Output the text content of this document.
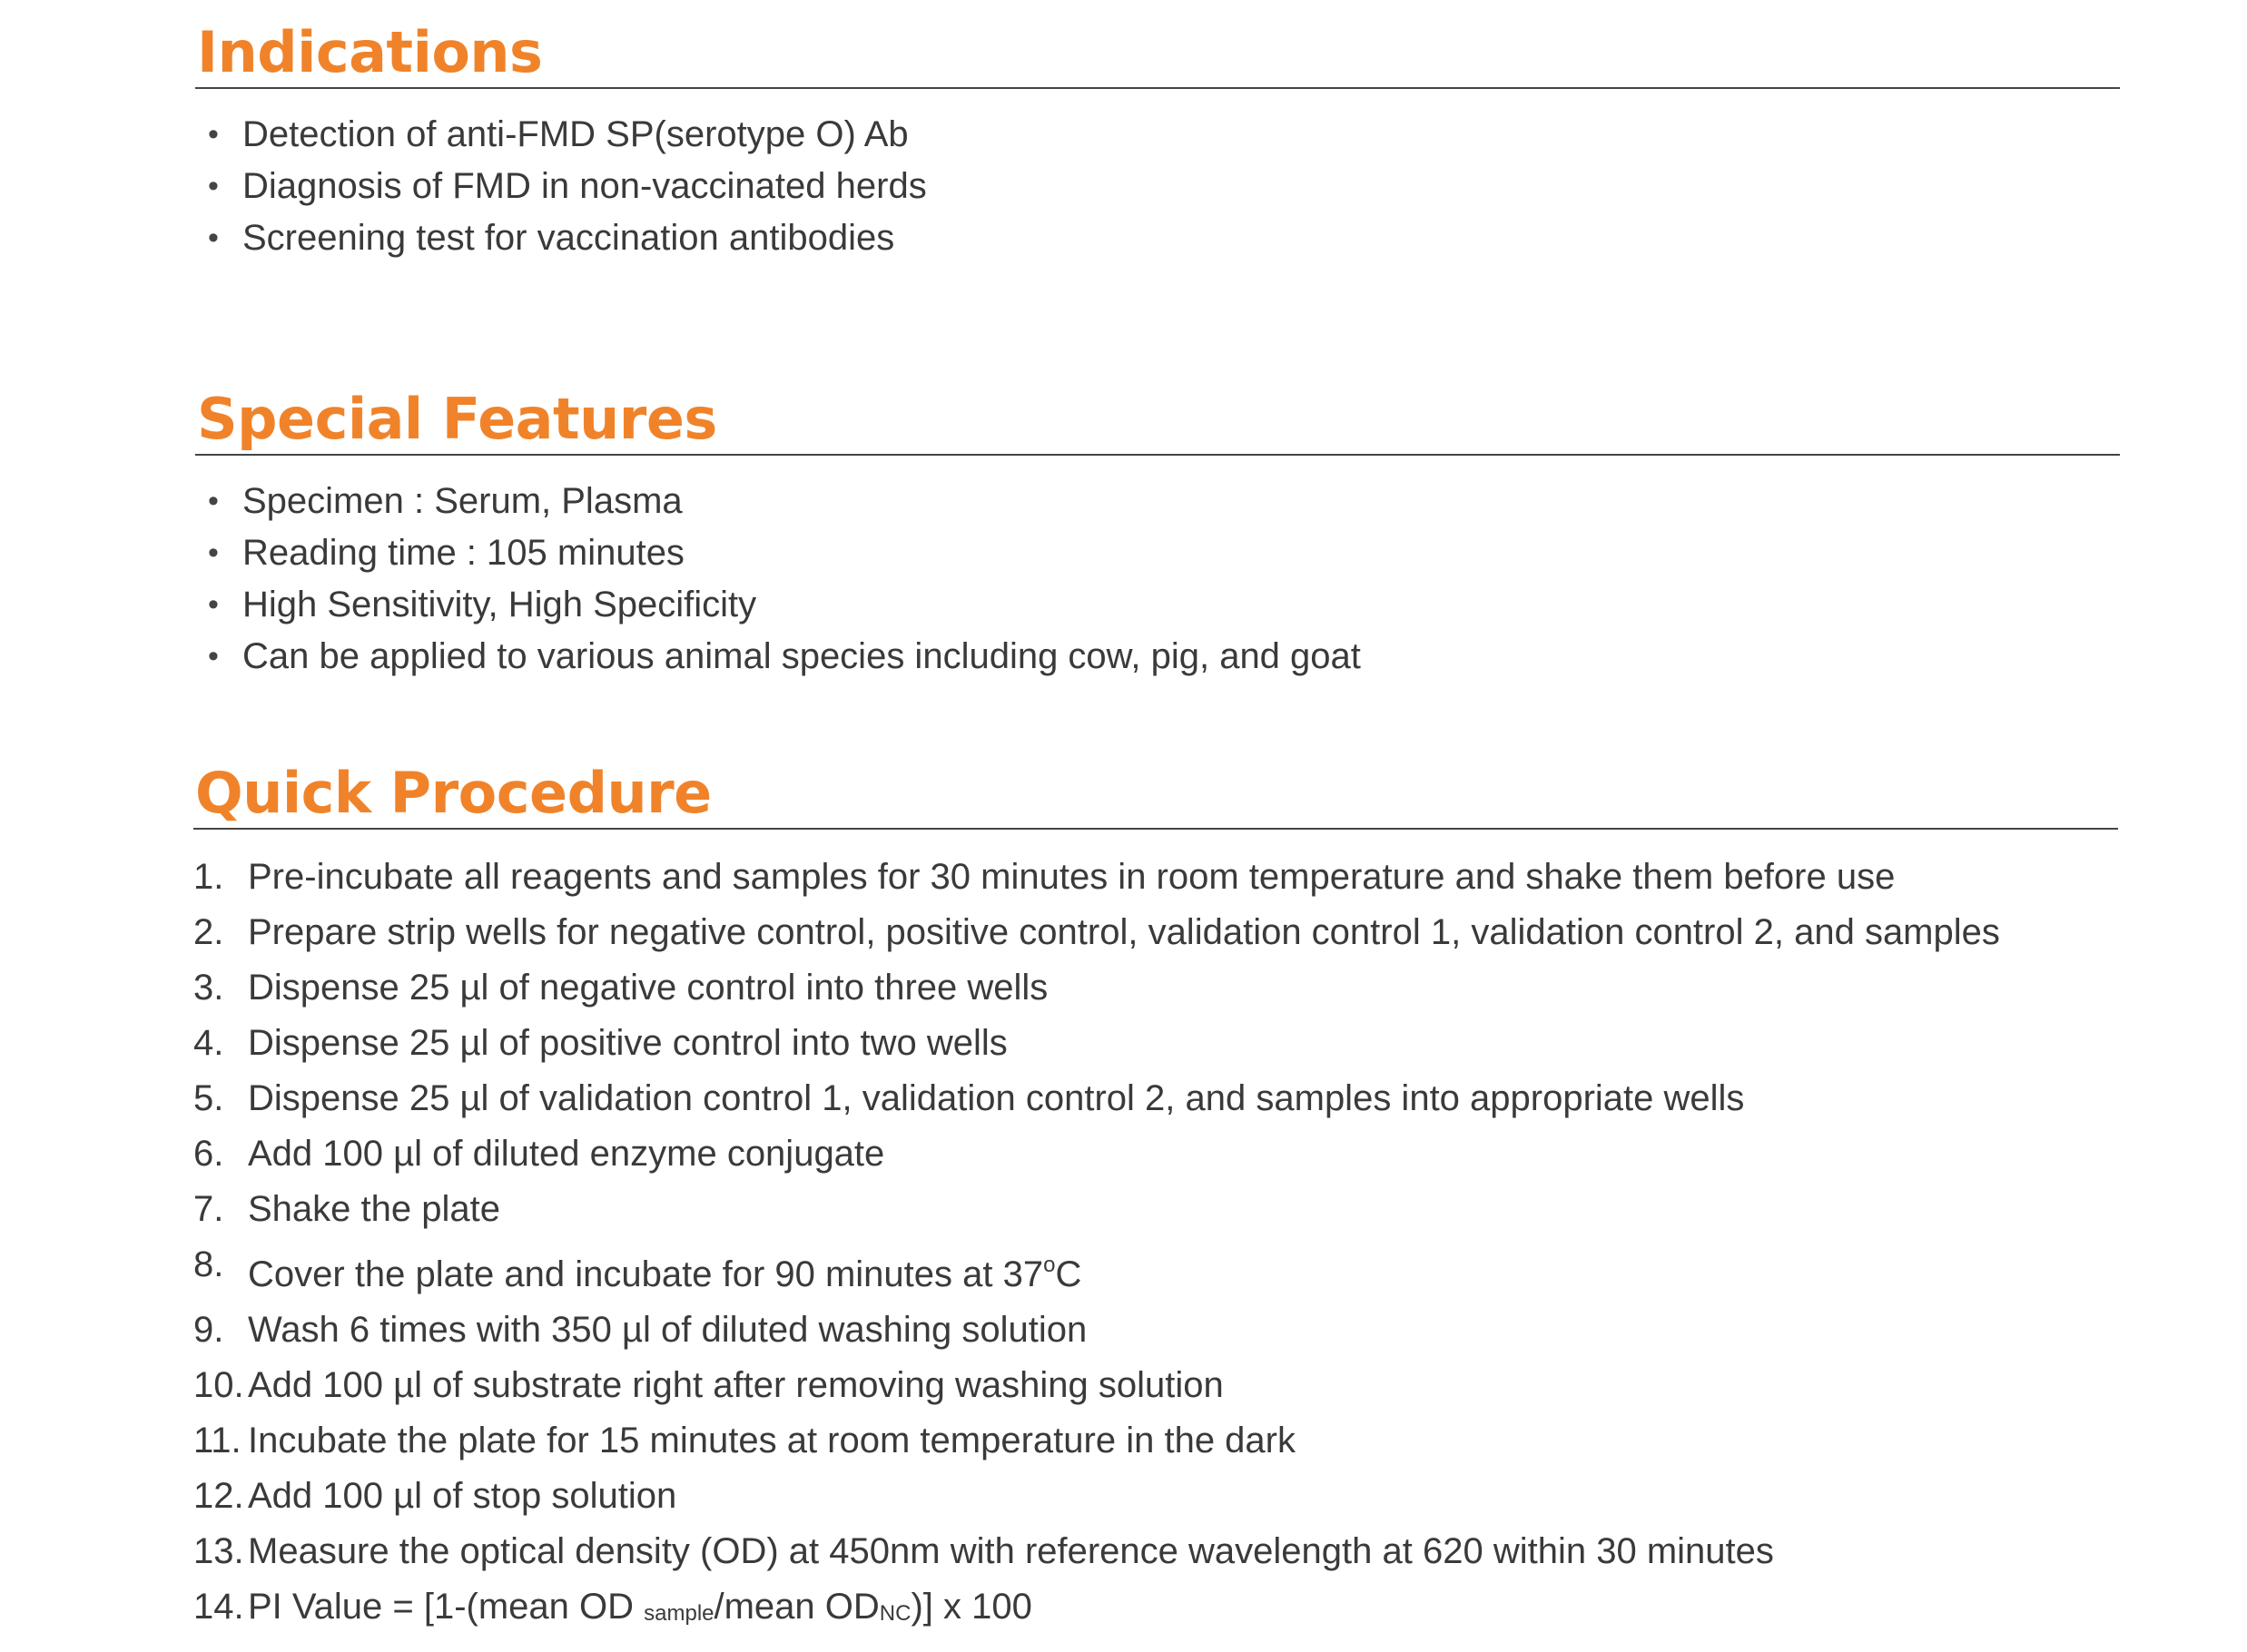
Indications
• Detection of anti-FMD SP(serotype O) Ab
• Diagnosis of FMD in non-vaccinated herds
• Screening test for vaccination antibodies
Special Features
• Specimen : Serum, Plasma
• Reading time : 105 minutes
• High Sensitivity, High Specificity
• Can be applied to various animal species including cow, pig, and goat
Quick Procedure
1. Pre-incubate all reagents and samples for 30 minutes in room temperature and shake them before use
2. Prepare strip wells for negative control, positive control, validation control 1, validation control 2, and samples
3. Dispense 25 µl of negative control into three wells
4. Dispense 25 µl of positive control into two wells
5. Dispense 25 µl of validation control 1, validation control 2, and samples into appropriate wells
6. Add 100 µl of diluted enzyme conjugate
7. Shake the plate
8. Cover the plate and incubate for 90 minutes at 37$^o$C
9. Wash 6 times with 350 µl of diluted washing solution
10. Add 100 µl of substrate right after removing washing solution
11. Incubate the plate for 15 minutes at room temperature in the dark
12. Add 100 µl of stop solution
13. Measure the optical density (OD) at 450nm with reference wavelength at 620 within 30 minutes
14. PI Value = [1-(mean OD $_{sample}$/mean $OD_{NC}$)] x 100
